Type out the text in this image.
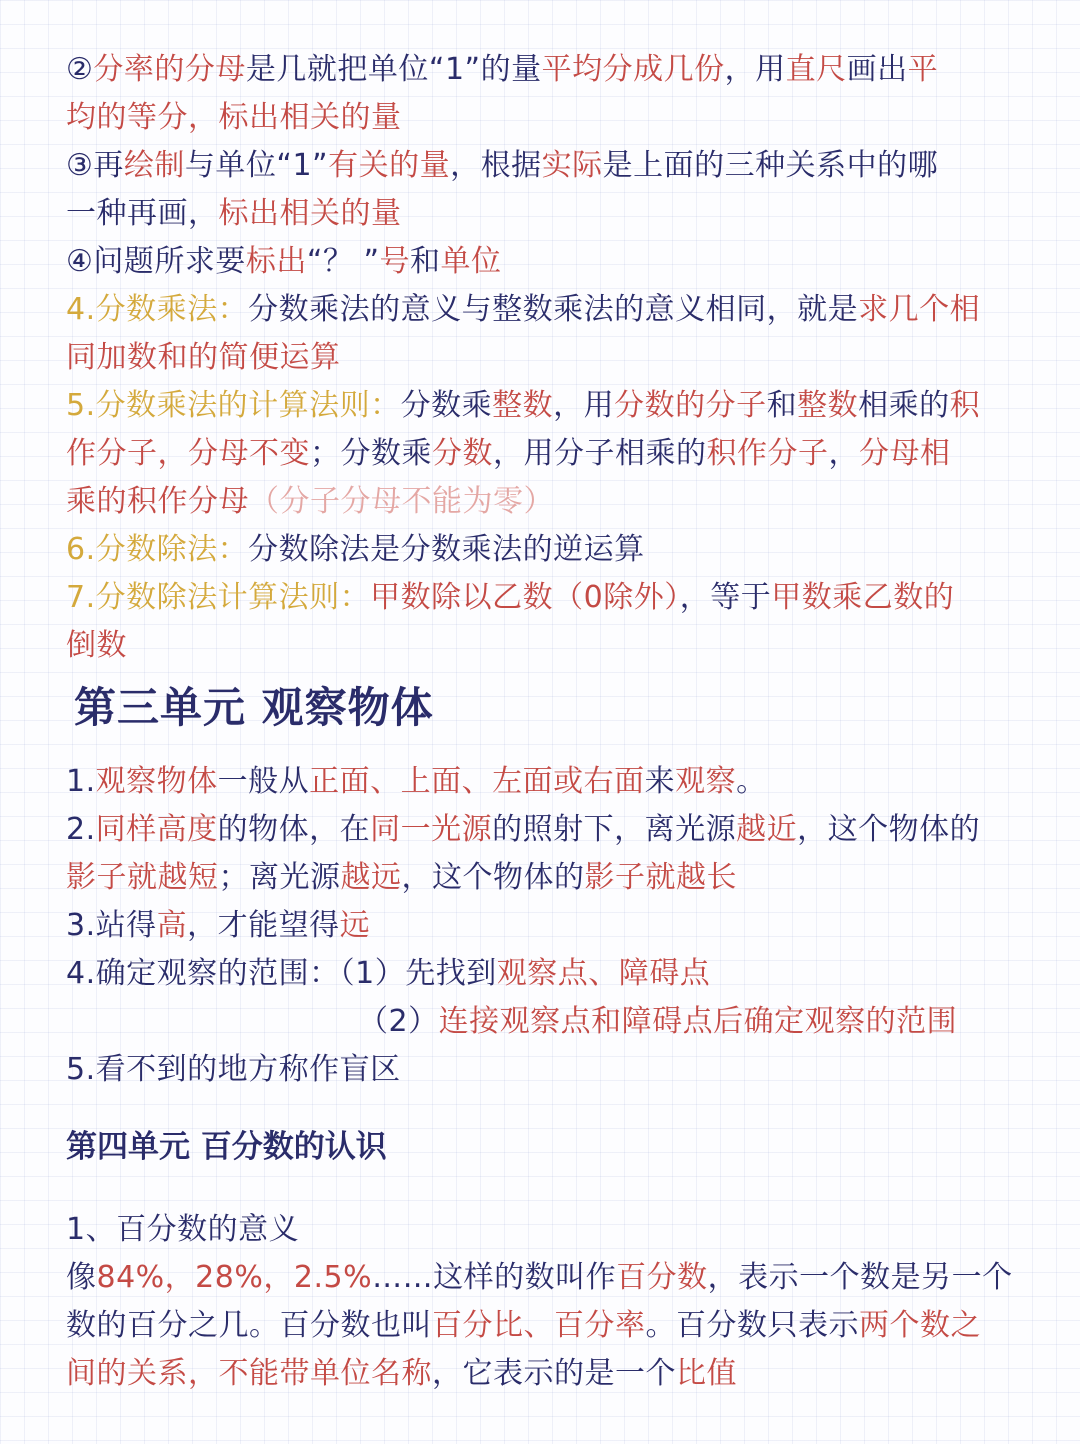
②分率的分母是几就把单位“1”的量平均分成几份，用直尺画出平
均的等分，标出相关的量
③再绘制与单位“1”有关的量，根据实际是上面的三种关系中的哪
一种再画，标出相关的量
④问题所求要标出“？ ”号和单位
4.分数乘法：分数乘法的意义与整数乘法的意义相同，就是求几个相
同加数和的简便运算
5.分数乘法的计算法则：分数乘整数，用分数的分子和整数相乘的积
作分子，分母不变；分数乘分数，用分子相乘的积作分子，分母相
乘的积作分母（分子分母不能为零）
6.分数除法：分数除法是分数乘法的逆运算
7.分数除法计算法则：甲数除以乙数（0除外），等于甲数乘乙数的
倒数
第三单元 观察物体
1.观察物体一般从正面、上面、左面或右面来观察。
2.同样高度的物体，在同一光源的照射下，离光源越近，这个物体的
影子就越短；离光源越远，这个物体的影子就越长
3.站得高，才能望得远
4.确定观察的范围：（1）先找到观察点、障碍点
（2）连接观察点和障碍点后确定观察的范围
5.看不到的地方称作盲区
第四单元 百分数的认识
1、百分数的意义
像84%，28%，2.5%……这样的数叫作百分数，表示一个数是另一个
数的百分之几。百分数也叫百分比、百分率。百分数只表示两个数之
间的关系，不能带单位名称，它表示的是一个比值
